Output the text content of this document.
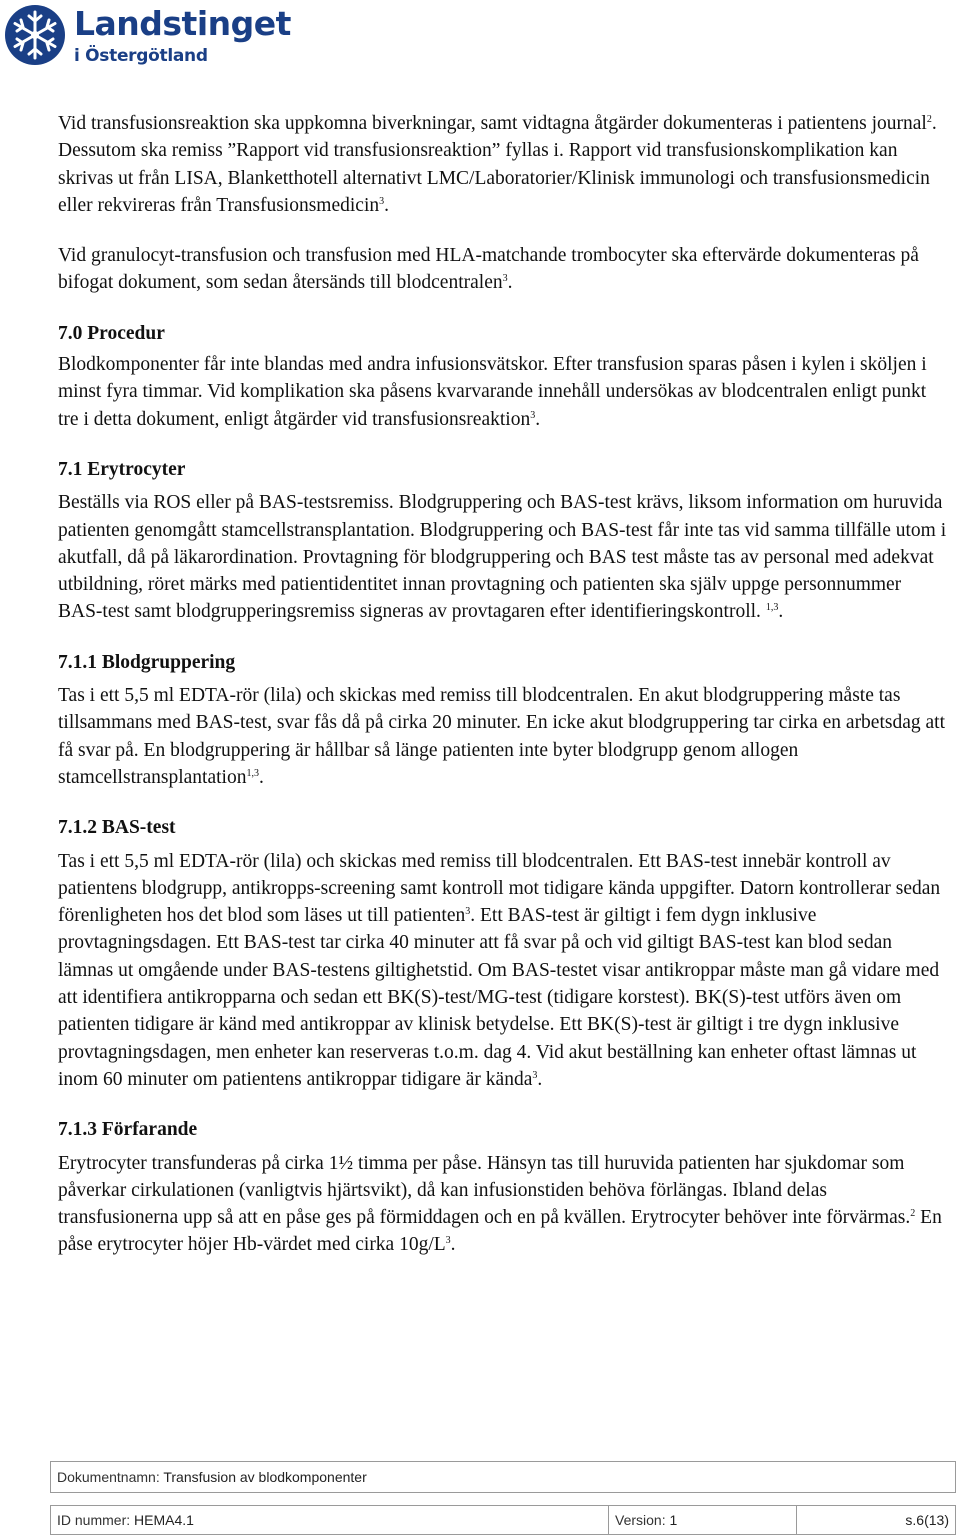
Landstinget
i Östergötland

Vid transfusionsreaktion ska uppkomna biverkningar, samt vidtagna åtgärder dokumenteras i patientens journal$^2$. Dessutom ska remiss ”Rapport vid transfusionsreaktion” fyllas i. Rapport vid transfusionskomplikation kan skrivas ut från LISA, Blanketthotell alternativt LMC/Laboratorier/Klinisk immunologi och transfusionsmedicin eller rekvireras från Transfusionsmedicin$^3$.

Vid granulocyt-transfusion och transfusion med HLA-matchande trombocyter ska eftervärde dokumenteras på bifogat dokument, som sedan återsänds till blodcentralen$^3$.

7.0 Procedur

Blodkomponenter får inte blandas med andra infusionsvätskor. Efter transfusion sparas påsen i kylen i sköljen i minst fyra timmar. Vid komplikation ska påsens kvarvarande innehåll undersökas av blodcentralen enligt punkt tre i detta dokument, enligt åtgärder vid transfusionsreaktion$^3$.

7.1 Erytrocyter

Beställs via ROS eller på BAS-testsremiss. Blodgruppering och BAS-test krävs, liksom information om huruvida patienten genomgått stamcellstransplantation. Blodgruppering och BAS-test får inte tas vid samma tillfälle utom i akutfall, då på läkarordination. Provtagning för blodgruppering och BAS test måste tas av personal med adekvat utbildning, röret märks med patientidentitet innan provtagning och patienten ska själv uppge personnummer BAS-test samt blodgrupperingsremiss signeras av provtagaren efter identifieringskontroll. $^{1,3}$.

7.1.1 Blodgruppering

Tas i ett 5,5 ml EDTA-rör (lila) och skickas med remiss till blodcentralen. En akut blodgruppering måste tas tillsammans med BAS-test, svar fås då på cirka 20 minuter. En icke akut blodgruppering tar cirka en arbetsdag att få svar på. En blodgruppering är hållbar så länge patienten inte byter blodgrupp genom allogen stamcellstransplantation$^{1,3}$.

7.1.2 BAS-test

Tas i ett 5,5 ml EDTA-rör (lila) och skickas med remiss till blodcentralen. Ett BAS-test innebär kontroll av patientens blodgrupp, antikropps-screening samt kontroll mot tidigare kända uppgifter. Datorn kontrollerar sedan förenligheten hos det blod som läses ut till patienten$^3$. Ett BAS-test är giltigt i fem dygn inklusive provtagningsdagen. Ett BAS-test tar cirka 40 minuter att få svar på och vid giltigt BAS-test kan blod sedan lämnas ut omgående under BAS-testens giltighetstid. Om BAS-testet visar antikroppar måste man gå vidare med att identifiera antikropparna och sedan ett BK(S)-test/MG-test (tidigare korstest). BK(S)-test utförs även om patienten tidigare är känd med antikroppar av klinisk betydelse. Ett BK(S)-test är giltigt i tre dygn inklusive provtagningsdagen, men enheter kan reserveras t.o.m. dag 4. Vid akut beställning kan enheter oftast lämnas ut inom 60 minuter om patientens antikroppar tidigare är kända$^3$.

7.1.3 Förfarande

Erytrocyter transfunderas på cirka 1½ timma per påse. Hänsyn tas till huruvida patienten har sjukdomar som påverkar cirkulationen (vanligtvis hjärtsvikt), då kan infusionstiden behöva förlängas. Ibland delas transfusionerna upp så att en påse ges på förmiddagen och en på kvällen. Erytrocyter behöver inte förvärmas.$^2$ En påse erytrocyter höjer Hb-värdet med cirka $10g/L^3$.

Dokumentnamn: Transfusion av blodkomponenter

ID nummer: HEMA4.1	Version: 1	s.6(13)
